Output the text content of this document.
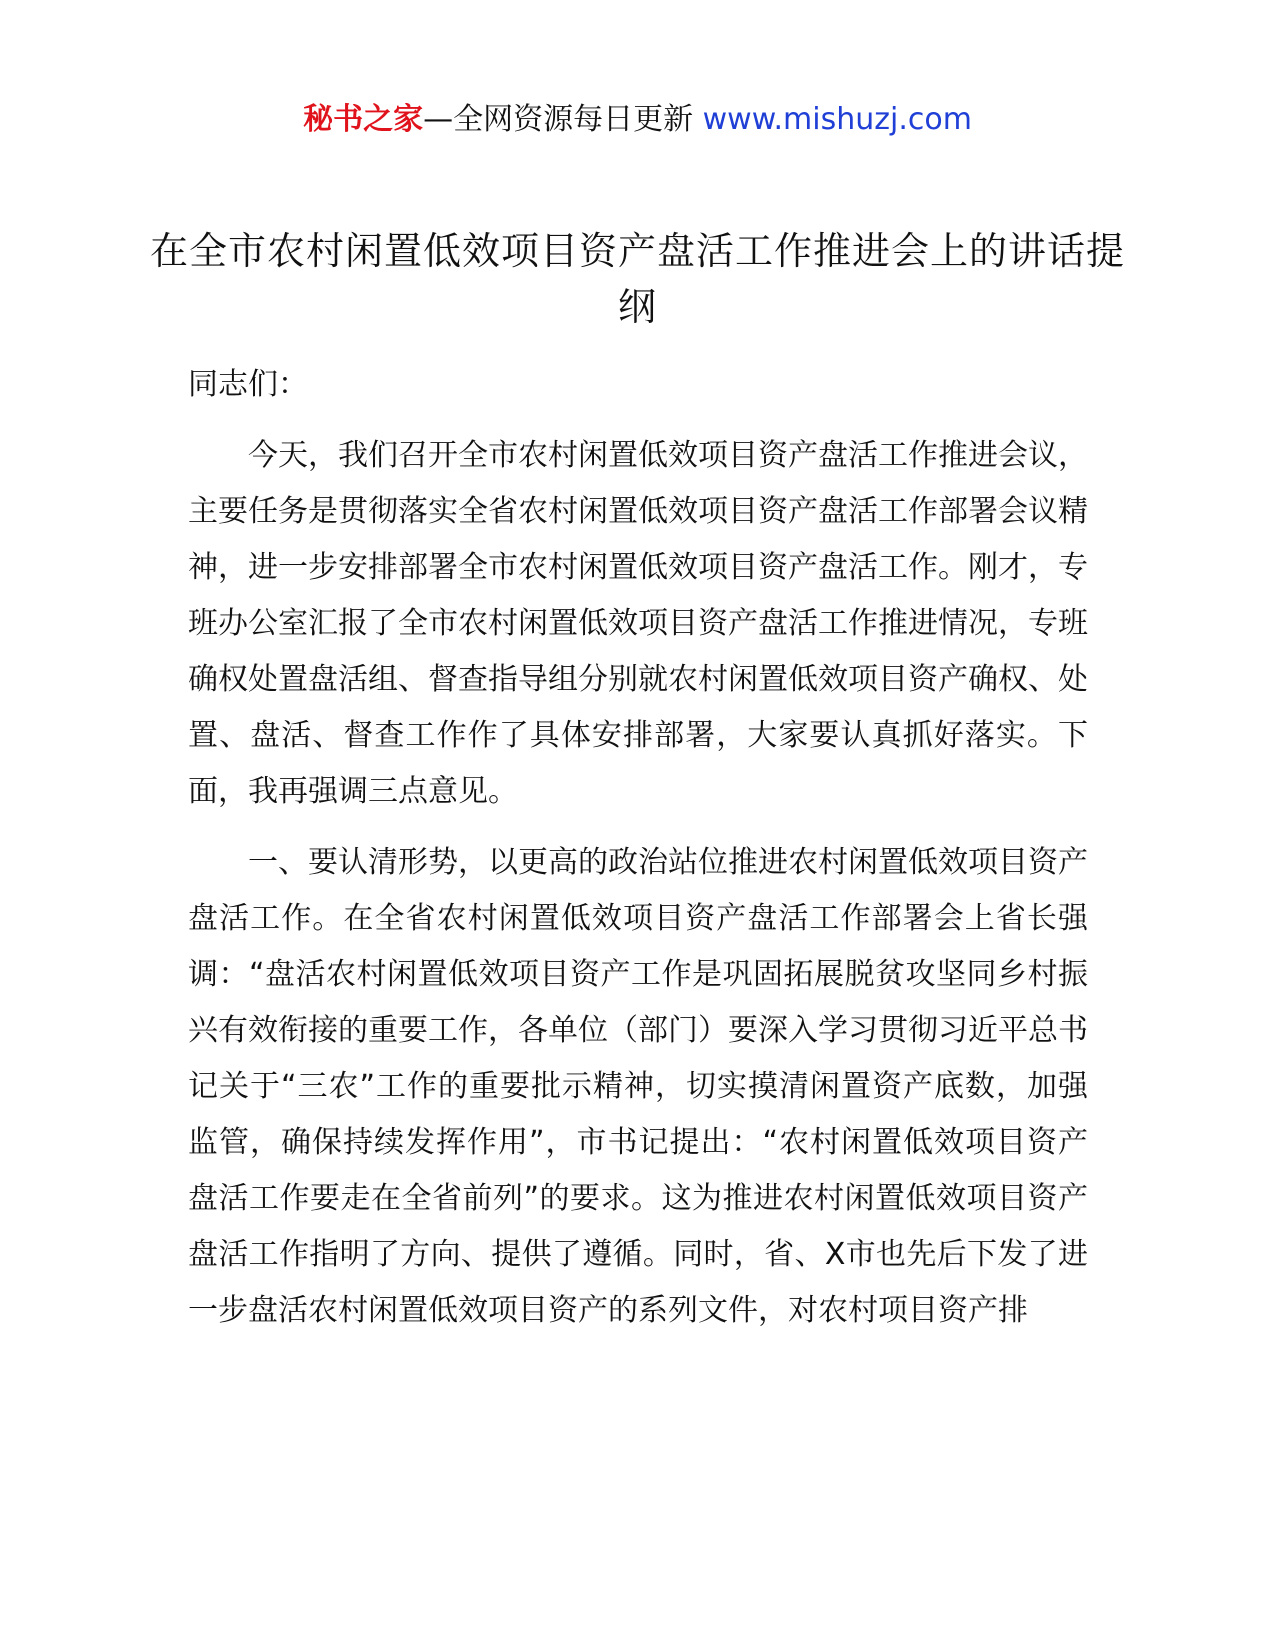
秘书之家—全网资源每日更新 www.mishuzj.com
在全市农村闲置低效项目资产盘活工作推进会上的讲话提纲

同志们：

今天，我们召开全市农村闲置低效项目资产盘活工作推进会议，主要任务是贯彻落实全省农村闲置低效项目资产盘活工作部署会议精神，进一步安排部署全市农村闲置低效项目资产盘活工作。刚才，专班办公室汇报了全市农村闲置低效项目资产盘活工作推进情况，专班确权处置盘活组、督查指导组分别就农村闲置低效项目资产确权、处置、盘活、督查工作作了具体安排部署，大家要认真抓好落实。下面，我再强调三点意见。

一、要认清形势，以更高的政治站位推进农村闲置低效项目资产盘活工作。在全省农村闲置低效项目资产盘活工作部署会上省长强调：“盘活农村闲置低效项目资产工作是巩固拓展脱贫攻坚同乡村振兴有效衔接的重要工作，各单位（部门）要深入学习贯彻习近平总书记关于“三农”工作的重要批示精神，切实摸清闲置资产底数，加强监管，确保持续发挥作用”，市书记提出：“农村闲置低效项目资产盘活工作要走在全省前列”的要求。这为推进农村闲置低效项目资产盘活工作指明了方向、提供了遵循。同时，省、X市也先后下发了进一步盘活农村闲置低效项目资产的系列文件，对农村项目资产排
